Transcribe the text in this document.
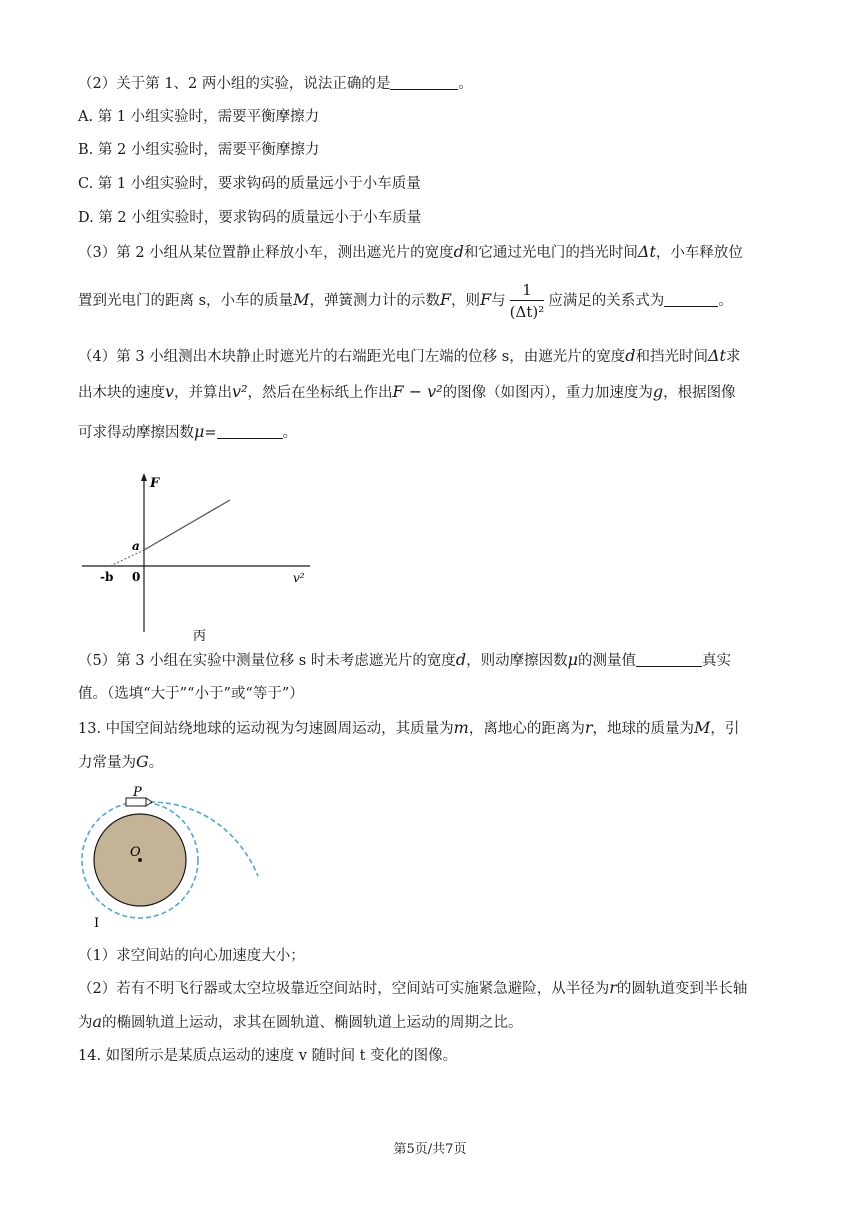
（2）关于第 1、2 两小组的实验，说法正确的是	。
A. 第 1 小组实验时，需要平衡摩擦力
B. 第 2 小组实验时，需要平衡摩擦力
C. 第 1 小组实验时，要求钩码的质量远小于小车质量
D. 第 2 小组实验时，要求钩码的质量远小于小车质量
（3）第 2 小组从某位置静止释放小车，测出遮光片的宽度d和它通过光电门的挡光时间Δt，小车释放位
置到光电门的距离 s，小车的质量M，弹簧测力计的示数F，则F与 $\frac{1}{\text{(Δt)²}}$ 应满足的关系式为	。
（4）第 3 小组测出木块静止时遮光片的右端距光电门左端的位移 s，由遮光片的宽度d和挡光时间Δt求
出木块的速度v，并算出v²，然后在坐标纸上作出F − v²的图像（如图丙），重力加速度为g，根据图像
可求得动摩擦因数μ=	。
F
v²
a
-b 0
丙
（5）第 3 小组在实验中测量位移 s 时未考虑遮光片的宽度d，则动摩擦因数μ的测量值	真实
值。（选填“大于”“小于”或“等于”）
13. 中国空间站绕地球的运动视为匀速圆周运动，其质量为m，离地心的距离为r，地球的质量为M，引
力常量为G。
P
O
I
（1）求空间站的向心加速度大小；
（2）若有不明飞行器或太空垃圾靠近空间站时，空间站可实施紧急避险，从半径为r的圆轨道变到半长轴
为a的椭圆轨道上运动，求其在圆轨道、椭圆轨道上运动的周期之比。
14. 如图所示是某质点运动的速度 v 随时间 t 变化的图像。
第5页/共7页
